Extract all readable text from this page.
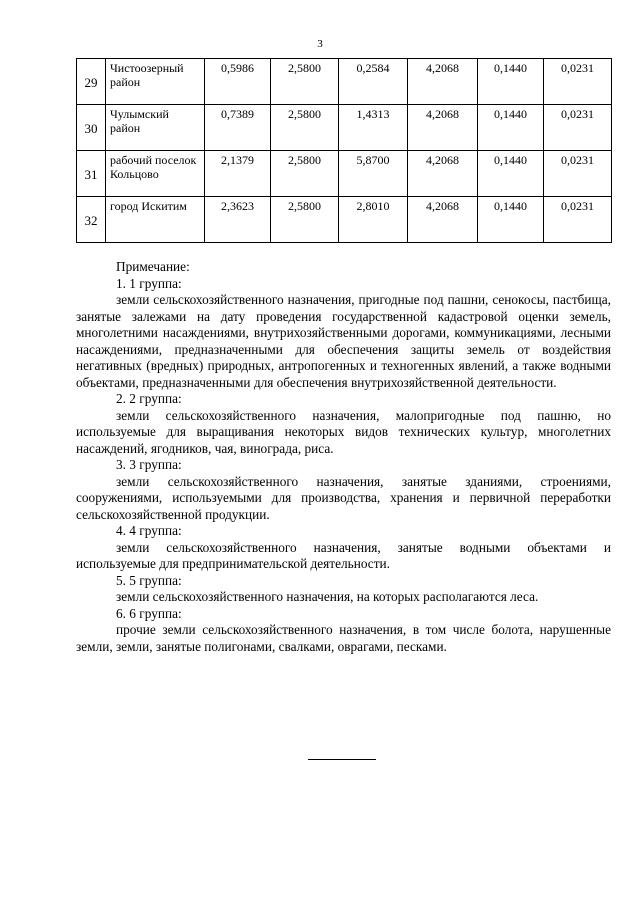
3
29	Чистоозерный район	0,5986	2,5800	0,2584	4,2068	0,1440	0,0231
30	Чулымский район	0,7389	2,5800	1,4313	4,2068	0,1440	0,0231
31	рабочий поселок Кольцово	2,1379	2,5800	5,8700	4,2068	0,1440	0,0231
32	город Искитим	2,3623	2,5800	2,8010	4,2068	0,1440	0,0231

Примечание:

1. 1 группа:

земли сельскохозяйственного назначения, пригодные под пашни, сенокосы, пастбища, занятые залежами на дату проведения государственной кадастровой оценки земель, многолетними насаждениями, внутрихозяйственными дорогами, коммуникациями, лесными насаждениями, предназначенными для обеспечения защиты земель от воздействия негативных (вредных) природных, антропогенных и техногенных явлений, а также водными объектами, предназначенными для обеспечения внутрихозяйственной деятельности.

2. 2 группа:

земли сельскохозяйственного назначения, малопригодные под пашню, но используемые для выращивания некоторых видов технических культур, многолетних насаждений, ягодников, чая, винограда, риса.

3. 3 группа:

земли сельскохозяйственного назначения, занятые зданиями, строениями, сооружениями, используемыми для производства, хранения и первичной переработки сельскохозяйственной продукции.

4. 4 группа:

земли сельскохозяйственного назначения, занятые водными объектами и используемые для предпринимательской деятельности.

5. 5 группа:

земли сельскохозяйственного назначения, на которых располагаются леса.

6. 6 группа:

прочие земли сельскохозяйственного назначения, в том числе болота, нарушенные земли, земли, занятые полигонами, свалками, оврагами, песками.
